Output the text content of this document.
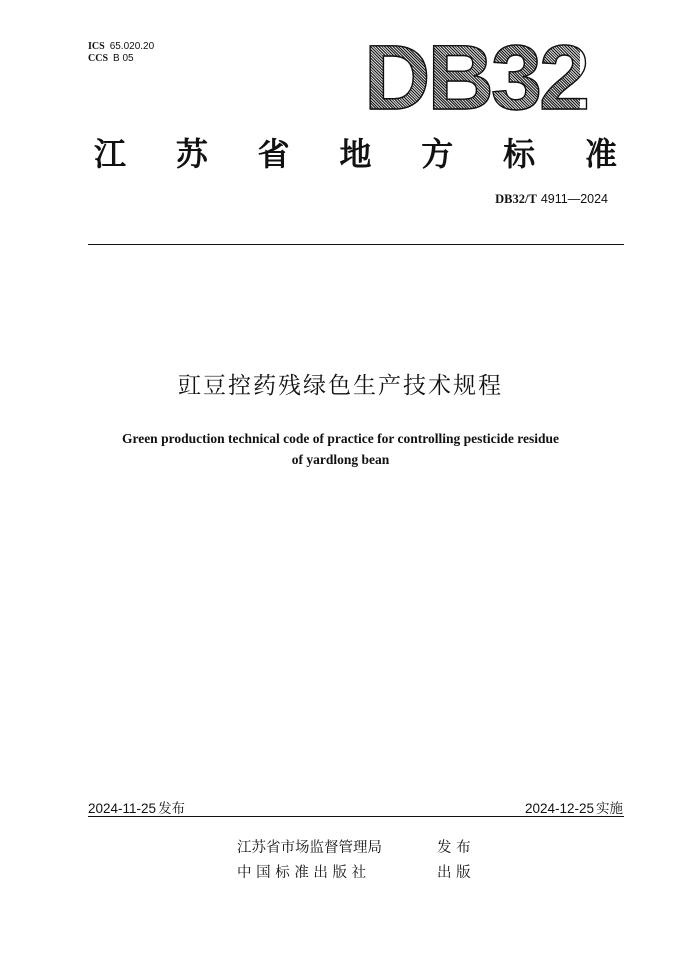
ICS 65.020.20
CCS B 05	DB32
江 苏 省 地 方 标 准
DB32/T 4911—2024
豇豆控药残绿色生产技术规程
Green production technical code of practice for controlling pesticide residue
of yardlong bean
2024-11-25 发布	2024-12-25 实施
江苏省市场监督管理局	发 布
中 国 标 准 出 版 社	出 版
